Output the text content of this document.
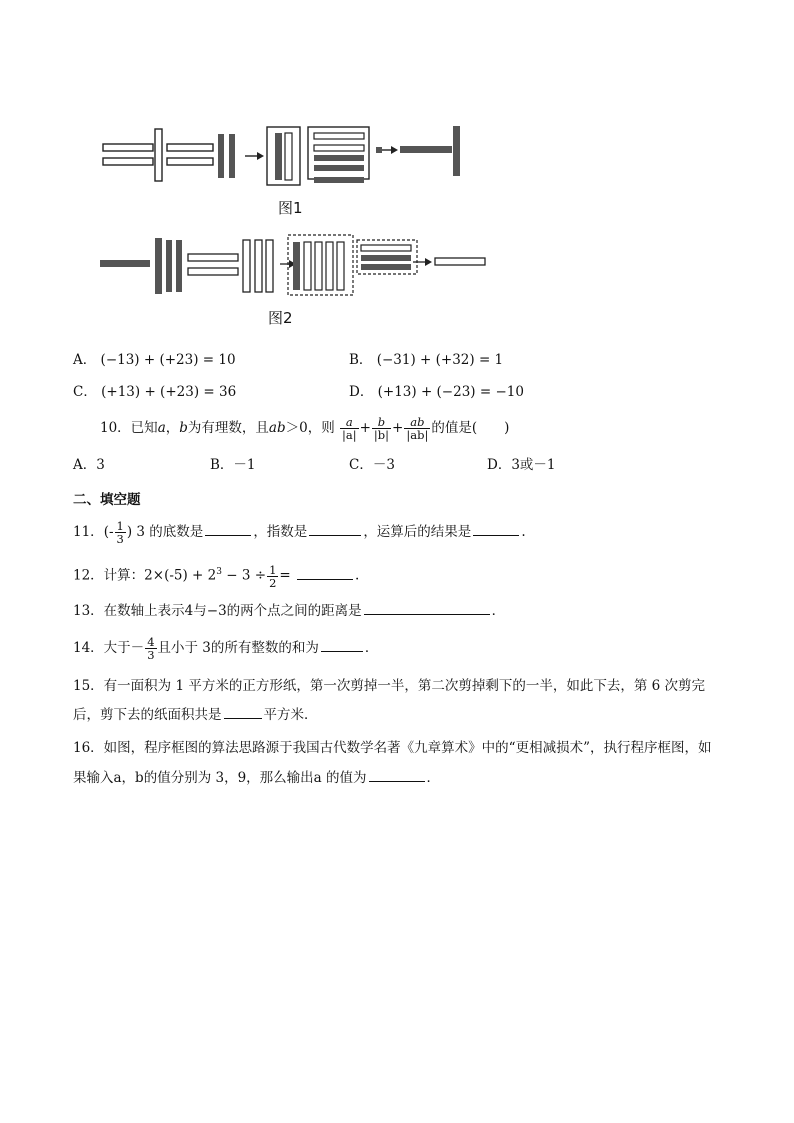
图1
图2
A． (−13) + (+23) = 10	B． (−31) + (+32) = 1
C． (+13) + (+23) = 36	D． (+13) + (−23) = −10
10．已知a，b为有理数，且ab＞0，则 $\frac{a}{|a|} + \frac{b}{|b|} + \frac{ab}{|ab|}$ 的值是(　　)
A．3	B．－1	C．－3	D．3或－1
二、填空题
11．(- $\frac{1}{3}$ ) 3 的底数是	，指数是	，运算后的结果是	.
12．计算：$2\times(-5) + 2^3 - 3 \div \frac{1}{2}$ =	.
13．在数轴上表示4与−3的两个点之间的距离是	．
14．大于－ $\frac{4}{3}$ 且小于 3的所有整数的和为	．
15．有一面积为 1 平方米的正方形纸，第一次剪掉一半，第二次剪掉剩下的一半，如此下去，第 6 次剪完
后，剪下去的纸面积共是	平方米．
16．如图，程序框图的算法思路源于我国古代数学名著《九章算术》中的“更相减损术”，执行程序框图，如
果输入a，b的值分别为 3，9，那么输出a 的值为	．
